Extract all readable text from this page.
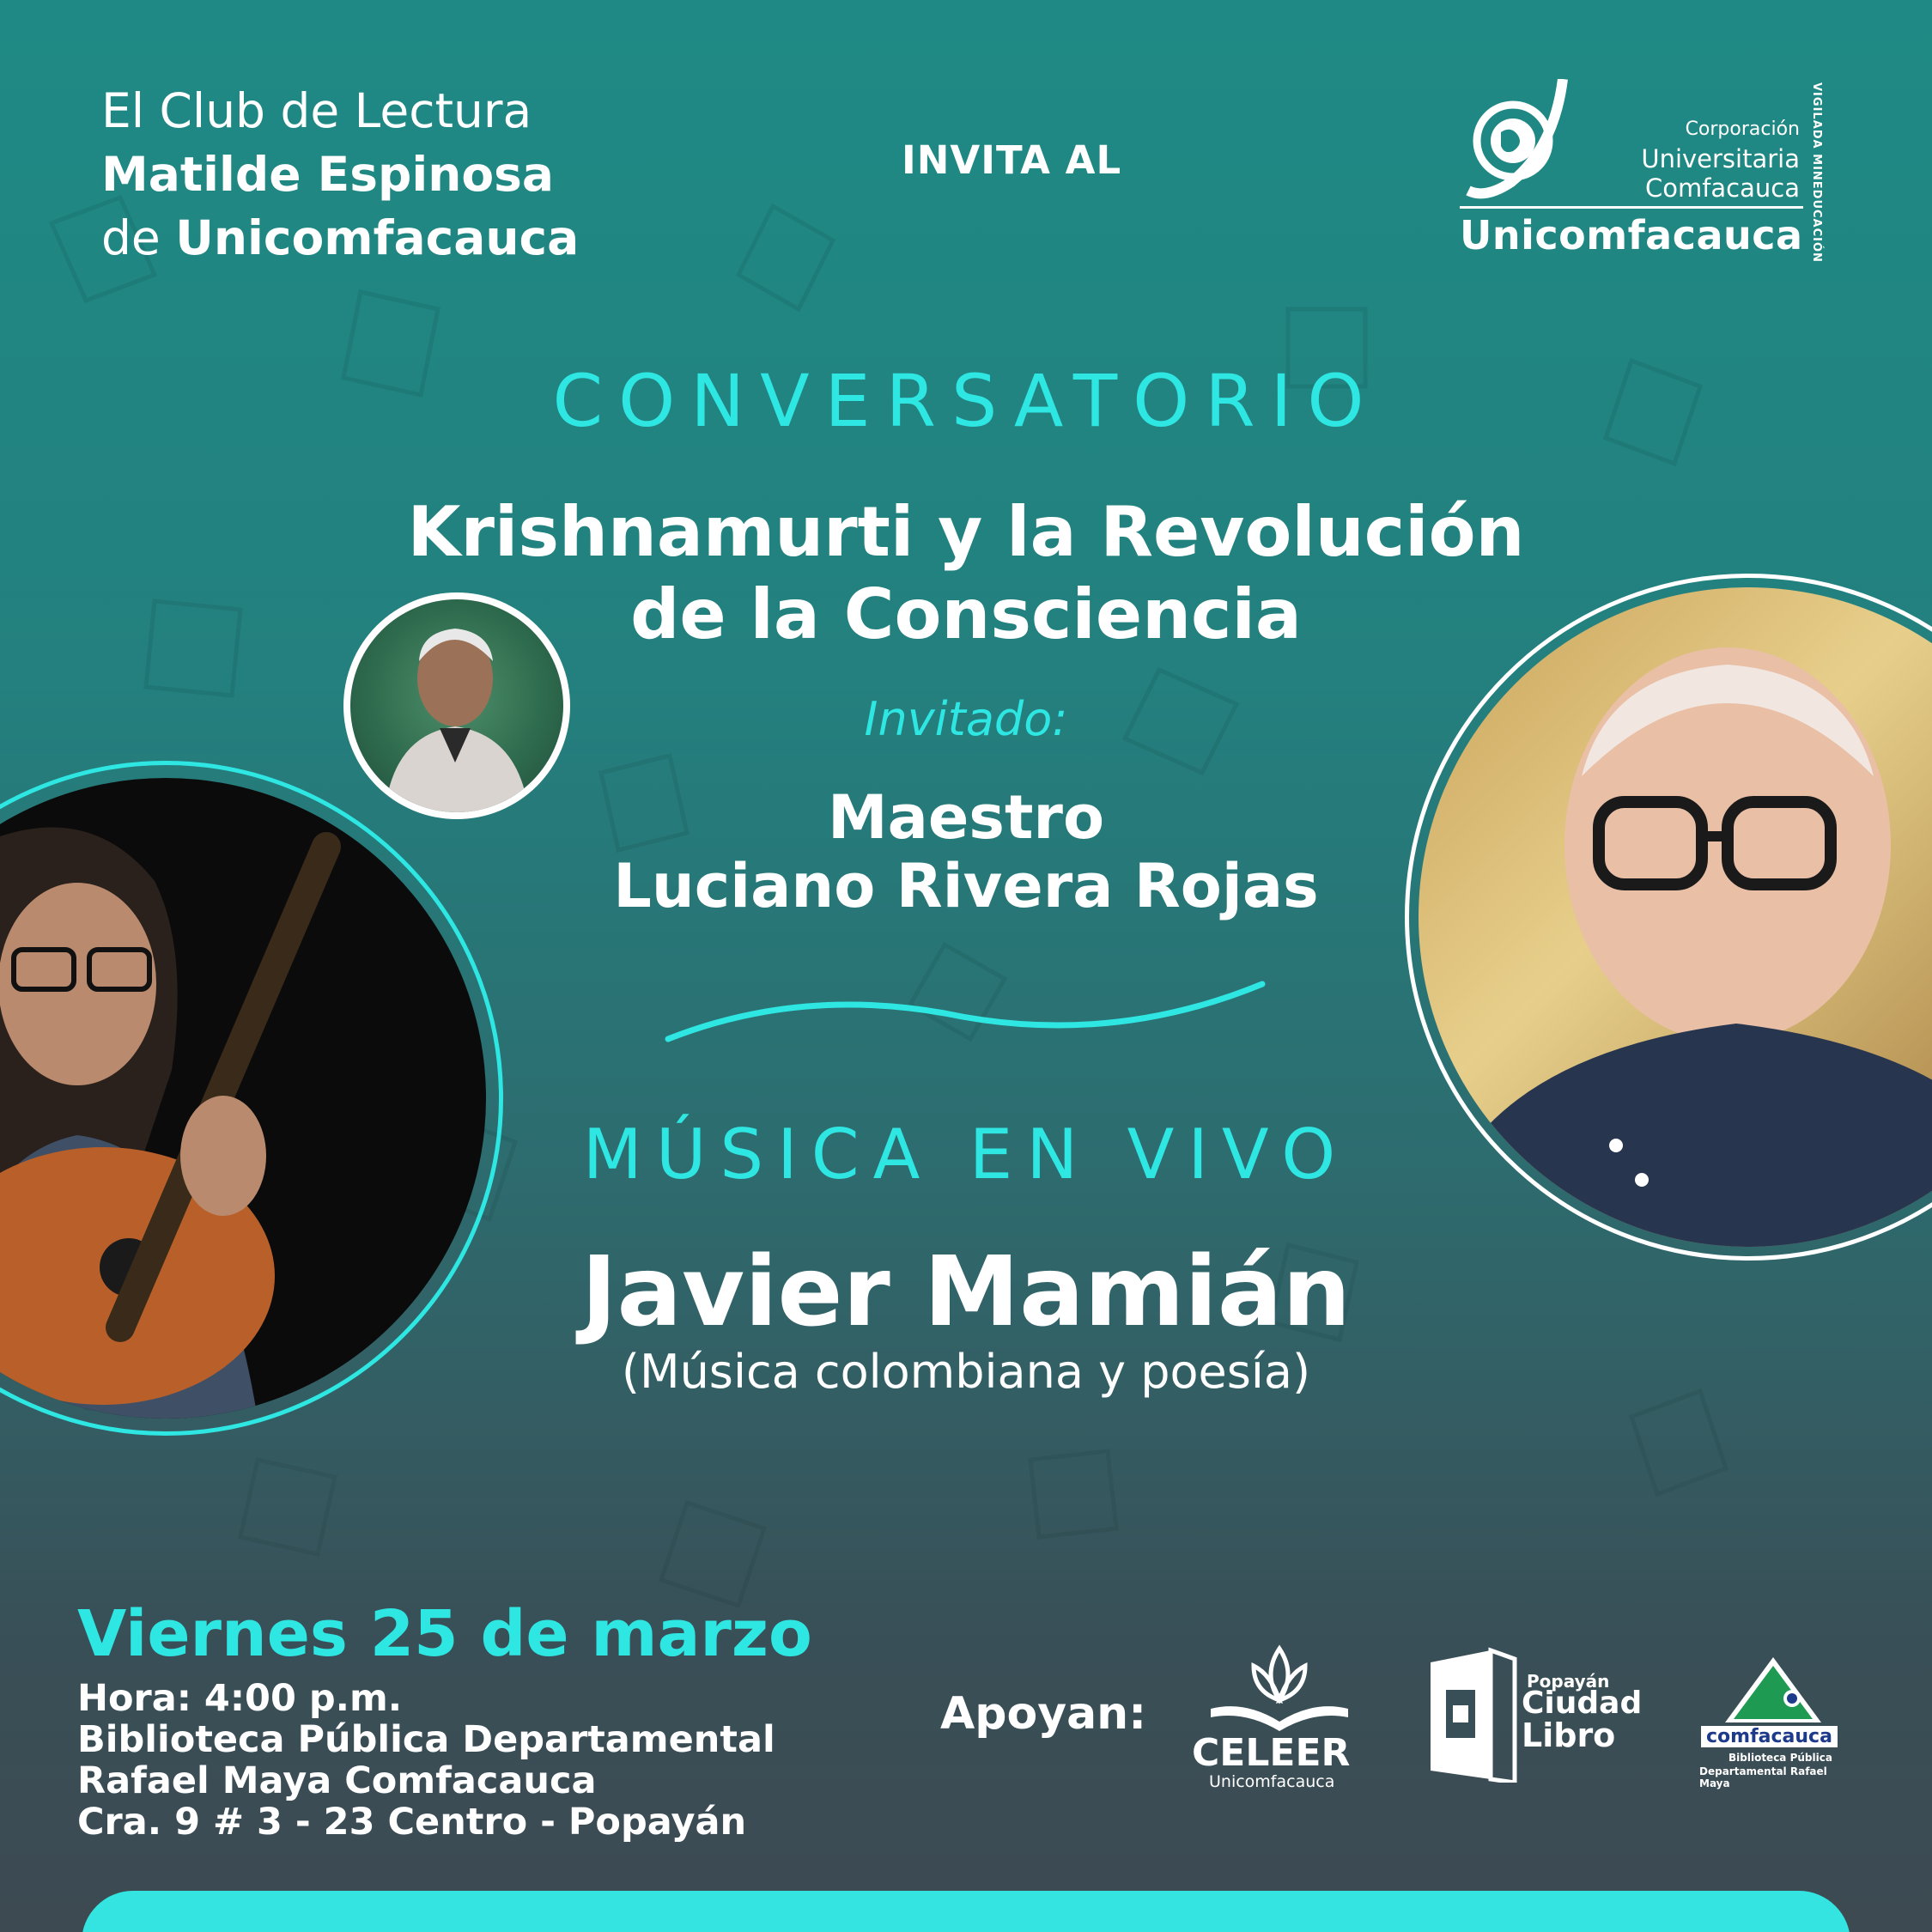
El Club de Lectura
Matilde Espinosa
de Unicomfacauca
INVITA AL
Corporación
Universitaria
Comfacauca
Unicomfacauca VIGILADA MINEDUCACIÓN
CONVERSATORIO
Krishnamurti y la Revolución
de la Consciencia
Invitado:
Maestro
Luciano Rivera Rojas
MÚSICA EN VIVO
Javier Mamián
(Música colombiana y poesía)
Viernes 25 de marzo
Hora: 4:00 p.m.
Biblioteca Pública Departamental
Rafael Maya Comfacauca
Cra. 9 # 3 - 23 Centro - Popayán
Apoyan:
CELEER
Unicomfacauca
Popayán
Ciudad
Libro	comfacauca
Biblioteca Pública
Departamental Rafael Maya
